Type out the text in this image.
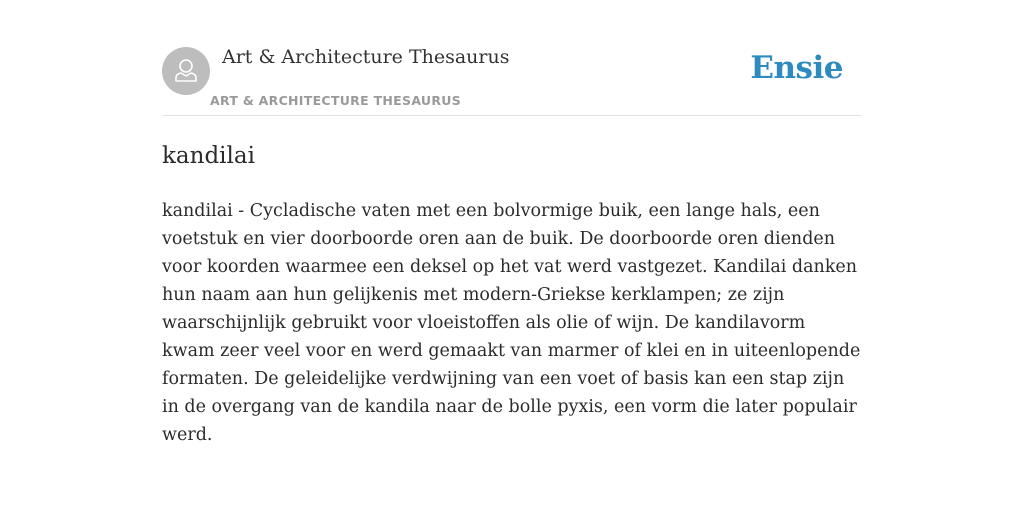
Art & Architecture Thesaurus
ART & ARCHITECTURE THESAURUS
Ensie
kandilai

kandilai - Cycladische vaten met een bolvormige buik, een lange hals, een voetstuk en vier doorboorde oren aan de buik. De doorboorde oren dienden voor koorden waarmee een deksel op het vat werd vastgezet. Kandilai danken hun naam aan hun gelijkenis met modern-Griekse kerklampen; ze zijn waarschijnlijk gebruikt voor vloeistoffen als olie of wijn. De kandilavorm kwam zeer veel voor en werd gemaakt van marmer of klei en in uiteenlopende formaten. De geleidelijke verdwijning van een voet of basis kan een stap zijn in de overgang van de kandila naar de bolle pyxis, een vorm die later populair werd.
